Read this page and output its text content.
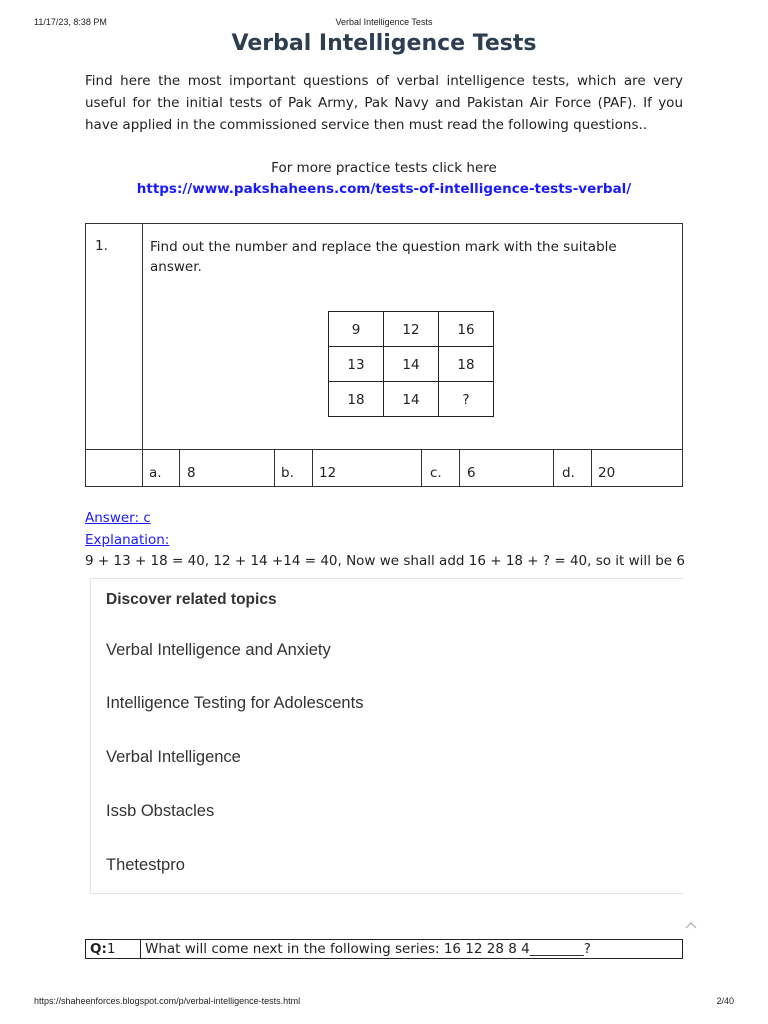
11/17/23, 8:38 PM	Verbal Intelligence Tests
Verbal Intelligence Tests

Find here the most important questions of verbal intelligence tests, which are very useful for the initial tests of Pak Army, Pak Navy and Pakistan Air Force (PAF). If you have applied in the commissioned service then must read the following questions..

For more practice tests click here
https://www.pakshaheens.com/tests-of-intelligence-tests-verbal/
1.	Find out the number and replace the question mark with the suitable answer.							
	a.	8	b.	12	c.	6	d.	20
9	12	16
13	14	18
18	14	?
Answer: c
Explanation:
9 + 13 + 18 = 40, 12 + 14 +14 = 40, Now we shall add 16 + 18 + ? = 40, so it will be 6
Discover related topics
Verbal Intelligence and Anxiety
Intelligence Testing for Adolescents
Verbal Intelligence
Issb Obstacles
Thetestpro
Q:1	What will come next in the following series: 16 12 28 8 4________?
https://shaheenforces.blogspot.com/p/verbal-intelligence-tests.html	2/40
